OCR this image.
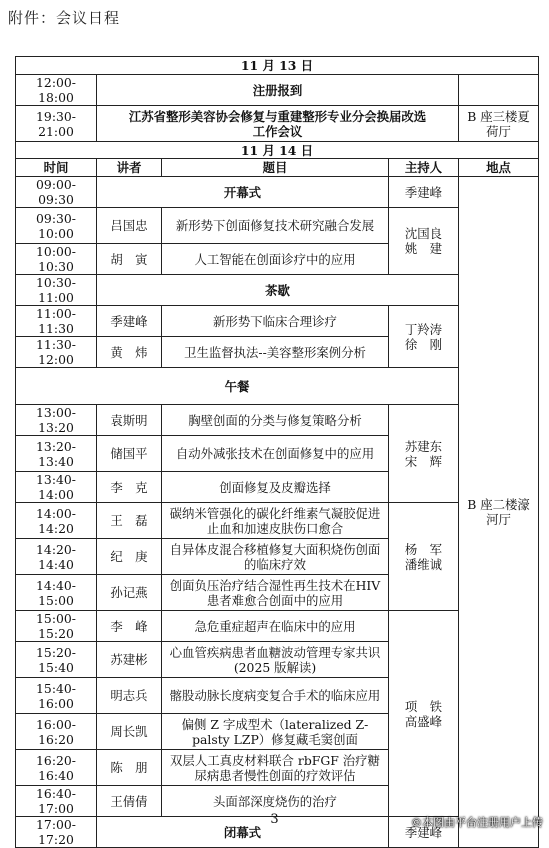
附件：会议日程
11 月 13 日				
12:00-18:00	注册报到			
19:30-21:00	江苏省整形美容协会修复与重建整形专业分会换届改选工作会议			B 座三楼夏荷厅
11 月 14 日				
时间	讲者	题目	主持人	地点
09:00-09:30	开幕式		季建峰	B 座二楼濠河厅
09:30-10:00	吕国忠	新形势下创面修复技术研究融合发展	沈国良
姚　建	
10:00-10:30	胡　寅	人工智能在创面诊疗中的应用		
10:30-11:00	茶歇			
11:00-11:30	季建峰	新形势下临床合理诊疗	丁羚涛
徐　刚	
11:30-12:00	黄　炜	卫生监督执法--美容整形案例分析		
午餐				
13:00-13:20	袁斯明	胸壁创面的分类与修复策略分析	苏建东
宋　辉	
13:20-13:40	储国平	自动外减张技术在创面修复中的应用		
13:40-14:00	李　克	创面修复及皮瓣选择		
14:00-14:20	王　磊	碳纳米管强化的碳化纤维素气凝胶促进止血和加速皮肤伤口愈合	杨　军
潘维诚	
14:20-14:40	纪　庚	自异体皮混合移植修复大面积烧伤创面的临床疗效		
14:40-15:00	孙记燕	创面负压治疗结合湿性再生技术在HIV 患者难愈合创面中的应用		
15:00-15:20	李　峰	急危重症超声在临床中的应用	项　铁
高盛峰	
15:20-15:40	苏建彬	心血管疾病患者血糖波动管理专家共识(2025 版解读)		
15:40-16:00	明志兵	髂股动脉长度病变复合手术的临床应用		
16:00-16:20	周长凯	偏侧 Z 字成型术（lateralized Z-palsty LZP）修复藏毛窦创面		
16:20-16:40	陈　朋	双层人工真皮材料联合 rbFGF 治疗糖尿病患者慢性创面的疗效评估		
16:40-17:00	王倩倩	头面部深度烧伤的治疗		
17:00-17:20	闭幕式		季建峰	
3	©本图由平台注册用户上传
